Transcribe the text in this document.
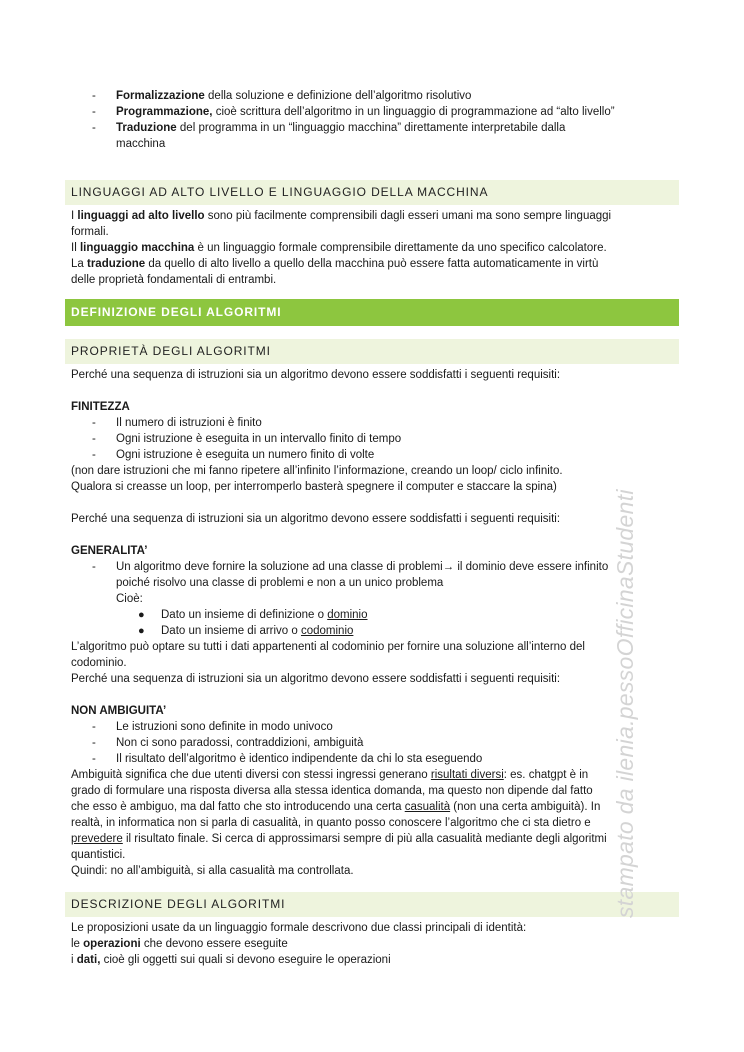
- Formalizzazione della soluzione e definizione dell’algoritmo risolutivo

- Programmazione, cioè scrittura dell’algoritmo in un linguaggio di programmazione ad “alto livello”

- Traduzione del programma in un “linguaggio macchina” direttamente interpretabile dalla

macchina

LINGUAGGI AD ALTO LIVELLO E LINGUAGGIO DELLA MACCHINA

I linguaggi ad alto livello sono più facilmente comprensibili dagli esseri umani ma sono sempre linguaggi

formali.

Il linguaggio macchina è un linguaggio formale comprensibile direttamente da uno specifico calcolatore.

La traduzione da quello di alto livello a quello della macchina può essere fatta automaticamente in virtù

delle proprietà fondamentali di entrambi.

DEFINIZIONE DEGLI ALGORITMI
PROPRIETÀ DEGLI ALGORITMI

Perché una sequenza di istruzioni sia un algoritmo devono essere soddisfatti i seguenti requisiti:

FINITEZZA

- Il numero di istruzioni è finito

- Ogni istruzione è eseguita in un intervallo finito di tempo

- Ogni istruzione è eseguita un numero finito di volte

(non dare istruzioni che mi fanno ripetere all’infinito l’informazione, creando un loop/ ciclo infinito.

Qualora si creasse un loop, per interromperlo basterà spegnere il computer e staccare la spina)

Perché una sequenza di istruzioni sia un algoritmo devono essere soddisfatti i seguenti requisiti:

GENERALITA’

- Un algoritmo deve fornire la soluzione ad una classe di problemi→ il dominio deve essere infinito

poiché risolvo una classe di problemi e non a un unico problema

Cioè:

● Dato un insieme di definizione o dominio

● Dato un insieme di arrivo o codominio

L’algoritmo può optare su tutti i dati appartenenti al codominio per fornire una soluzione all’interno del

codominio.

Perché una sequenza di istruzioni sia un algoritmo devono essere soddisfatti i seguenti requisiti:

NON AMBIGUITA’

- Le istruzioni sono definite in modo univoco

- Non ci sono paradossi, contraddizioni, ambiguità

- Il risultato dell’algoritmo è identico indipendente da chi lo sta eseguendo

Ambiguità significa che due utenti diversi con stessi ingressi generano risultati diversi: es. chatgpt è in

grado di formulare una risposta diversa alla stessa identica domanda, ma questo non dipende dal fatto

che esso è ambiguo, ma dal fatto che sto introducendo una certa casualità (non una certa ambiguità). In

realtà, in informatica non si parla di casualità, in quanto posso conoscere l’algoritmo che ci sta dietro e

prevedere il risultato finale. Si cerca di approssimarsi sempre di più alla casualità mediante degli algoritmi

quantistici.

Quindi: no all’ambiguità, si alla casualità ma controllata.

DESCRIZIONE DEGLI ALGORITMI

Le proposizioni usate da un linguaggio formale descrivono due classi principali di identità:

le operazioni che devono essere eseguite

i dati, cioè gli oggetti sui quali si devono eseguire le operazioni

stampato da ilenia.pessoOfficinaStudenti
